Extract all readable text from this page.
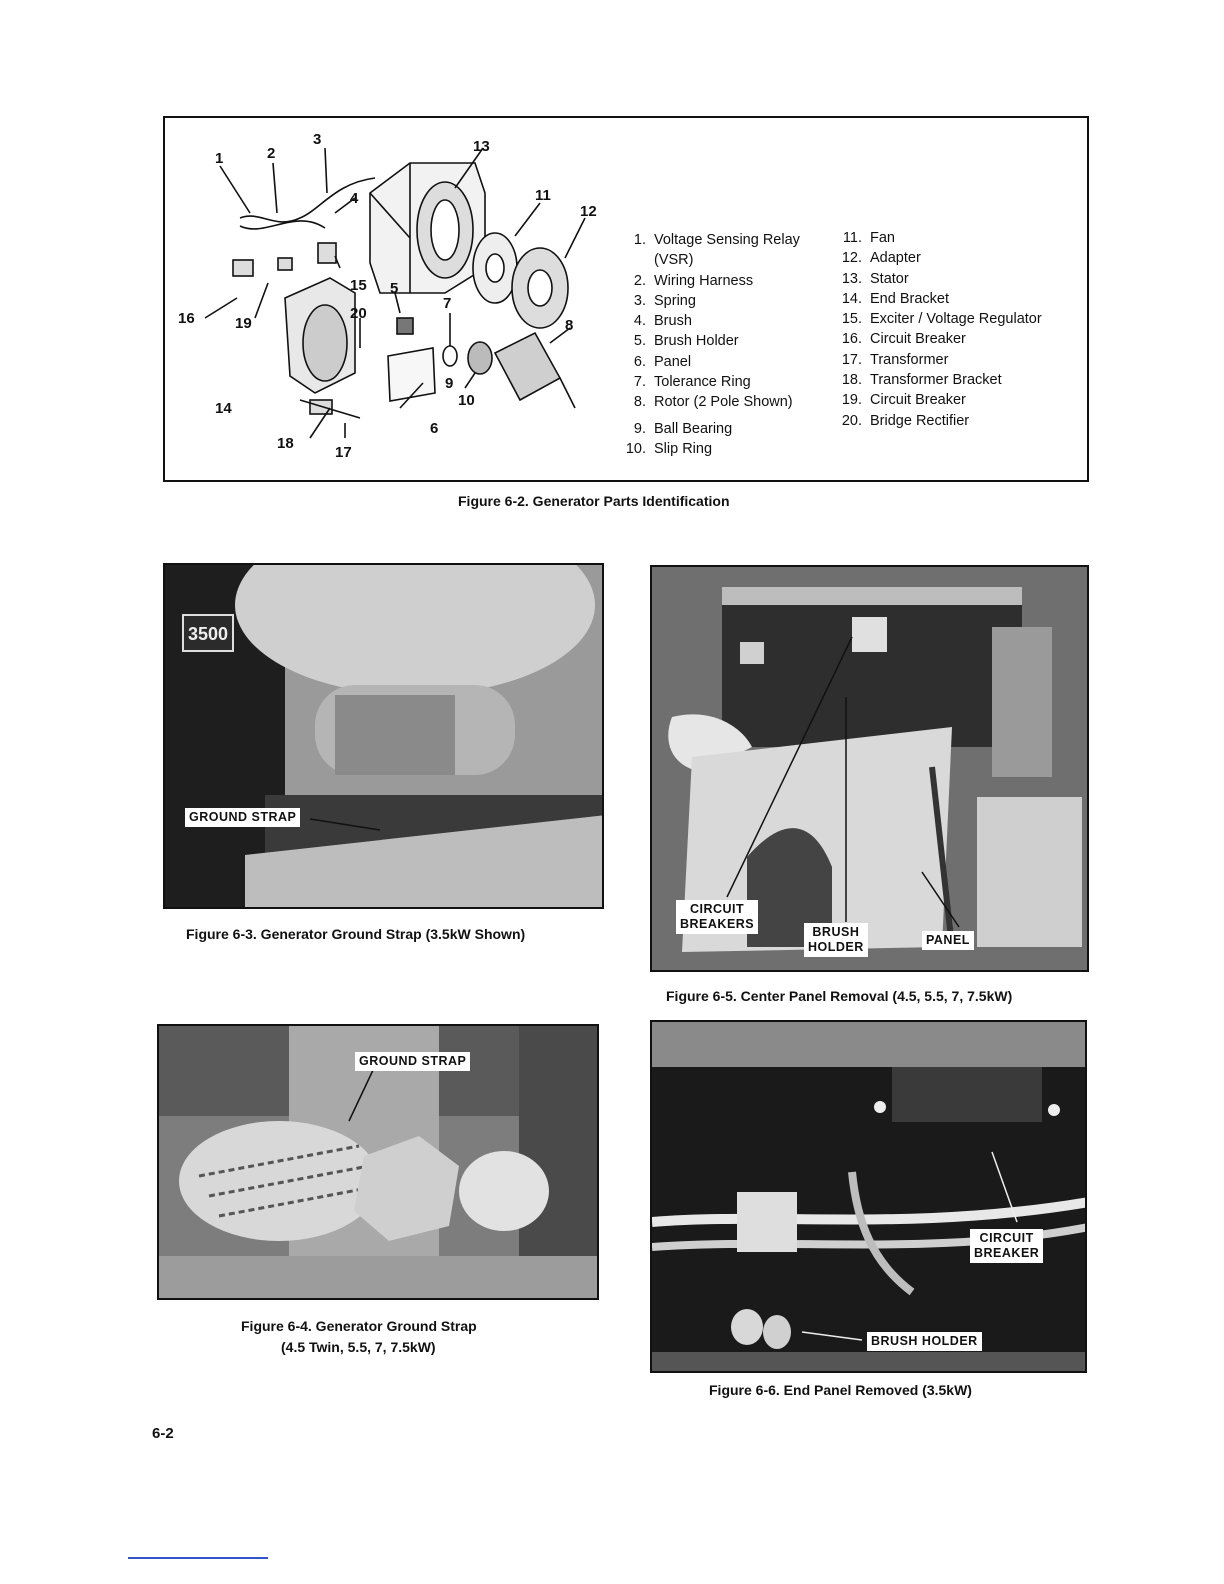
1	2
3
4
5
6
7
8
9
10
11
12
13
14
15
16
17
18
19
20
1. Voltage Sensing Relay
(VSR)
2. Wiring Harness
3. Spring
4. Brush
5. Brush Holder
6. Panel
7. Tolerance Ring
8. Rotor (2 Pole Shown)
9. Ball Bearing
10. Slip Ring
11. Fan
12. Adapter
13. Stator
14. End Bracket
15. Exciter / Voltage Regulator
16. Circuit Breaker
17. Transformer
18. Transformer Bracket
19. Circuit Breaker
20. Bridge Rectifier
Figure 6-2. Generator Parts Identification
3500
GROUND STRAP
Figure 6-3. Generator Ground Strap (3.5kW Shown)
GROUND STRAP
Figure 6-4. Generator Ground Strap
(4.5 Twin, 5.5, 7, 7.5kW)
CIRCUIT
BREAKERS
BRUSH
HOLDER	PANEL
Figure 6-5. Center Panel Removal (4.5, 5.5, 7, 7.5kW)
CIRCUIT
BREAKER
BRUSH HOLDER
Figure 6-6. End Panel Removed (3.5kW)
6-2
